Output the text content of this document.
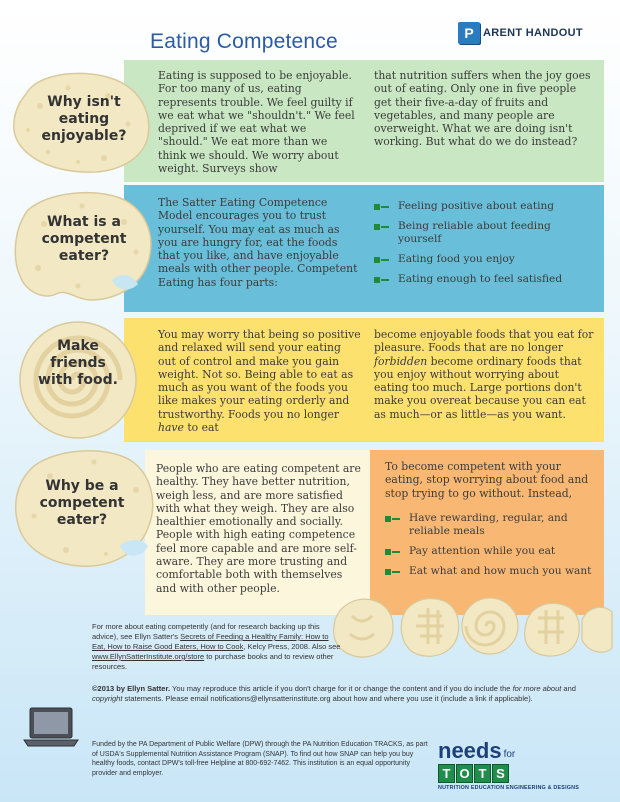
Eating Competence	P ARENT HANDOUT
Why isn't eating enjoyable?
Eating is supposed to be enjoyable. For too many of us, eating represents trouble. We feel guilty if we eat what we "shouldn't." We feel deprived if we eat what we "should." We eat more than we think we should. We worry about weight. Surveys show
that nutrition suffers when the joy goes out of eating. Only one in five people get their five-a-day of fruits and vegetables, and many people are overweight. What we are doing isn't working. But what do we do instead?
What is a competent eater?
The Satter Eating Competence Model encourages you to trust yourself. You may eat as much as you are hungry for, eat the foods that you like, and have enjoyable meals with other people. Competent Eating has four parts:
Feeling positive about eating
Being reliable about feeding yourself
Eating food you enjoy
Eating enough to feel satisfied
Make friends with food.
You may worry that being so positive and relaxed will send your eating out of control and make you gain weight. Not so. Being able to eat as much as you want of the foods you like makes your eating orderly and trustworthy. Foods you no longer have to eat
become enjoyable foods that you eat for pleasure. Foods that are no longer forbidden become ordinary foods that you enjoy without worrying about eating too much. Large portions don't make you overeat because you can eat as much—or as little—as you want.
Why be a competent eater?
People who are eating competent are healthy. They have better nutrition, weigh less, and are more satisfied with what they weigh. They are also healthier emotionally and socially. People with high eating competence feel more capable and are more self-aware. They are more trusting and comfortable both with themselves and with other people.
To become competent with your eating, stop worrying about food and stop trying to go without. Instead,
Have rewarding, regular, and reliable meals
Pay attention while you eat
Eat what and how much you want
For more about eating competently (and for research backing up this advice), see Ellyn Satter's Secrets of Feeding a Healthy Family: How to Eat, How to Raise Good Eaters, How to Cook, Kelcy Press, 2008. Also see www.EllynSatterInstitute.org/store to purchase books and to review other resources.
©2013 by Ellyn Satter. You may reproduce this article if you don't charge for it or change the content and if you do include the for more about and copyright statements. Please email notifications@ellynsatterinstitute.org about how and where you use it (include a link if applicable).
Funded by the PA Department of Public Welfare (DPW) through the PA Nutrition Education TRACKS, as part of USDA's Supplemental Nutrition Assistance Program (SNAP). To find out how SNAP can help you buy healthy foods, contact DPW's toll-free Helpline at 800-692-7462. This institution is an equal opportunity provider and employer.
needs for
T O T S
NUTRITION EDUCATION ENGINEERING & DESIGNS
